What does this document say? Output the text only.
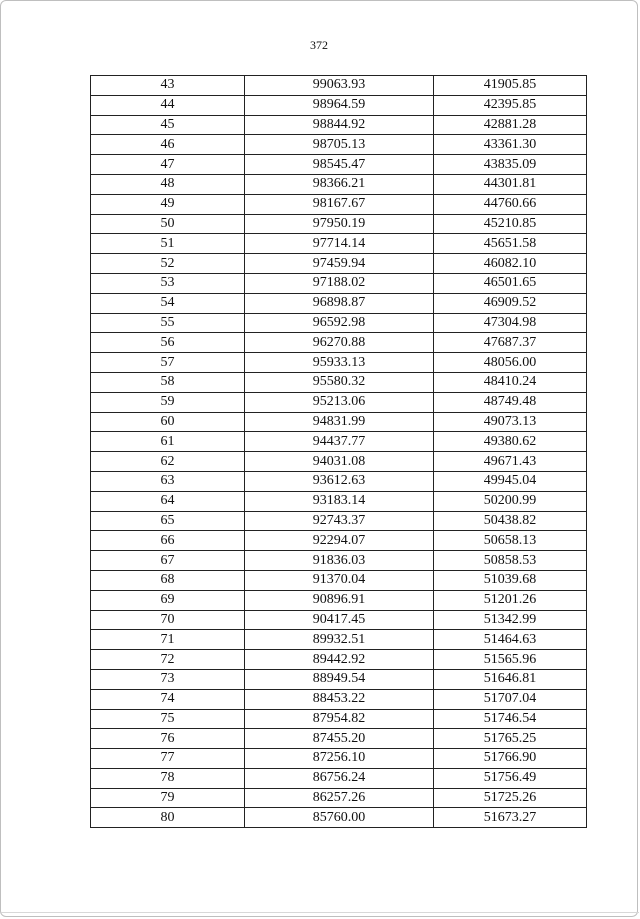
372
43	99063.93	41905.85
44	98964.59	42395.85
45	98844.92	42881.28
46	98705.13	43361.30
47	98545.47	43835.09
48	98366.21	44301.81
49	98167.67	44760.66
50	97950.19	45210.85
51	97714.14	45651.58
52	97459.94	46082.10
53	97188.02	46501.65
54	96898.87	46909.52
55	96592.98	47304.98
56	96270.88	47687.37
57	95933.13	48056.00
58	95580.32	48410.24
59	95213.06	48749.48
60	94831.99	49073.13
61	94437.77	49380.62
62	94031.08	49671.43
63	93612.63	49945.04
64	93183.14	50200.99
65	92743.37	50438.82
66	92294.07	50658.13
67	91836.03	50858.53
68	91370.04	51039.68
69	90896.91	51201.26
70	90417.45	51342.99
71	89932.51	51464.63
72	89442.92	51565.96
73	88949.54	51646.81
74	88453.22	51707.04
75	87954.82	51746.54
76	87455.20	51765.25
77	87256.10	51766.90
78	86756.24	51756.49
79	86257.26	51725.26
80	85760.00	51673.27
